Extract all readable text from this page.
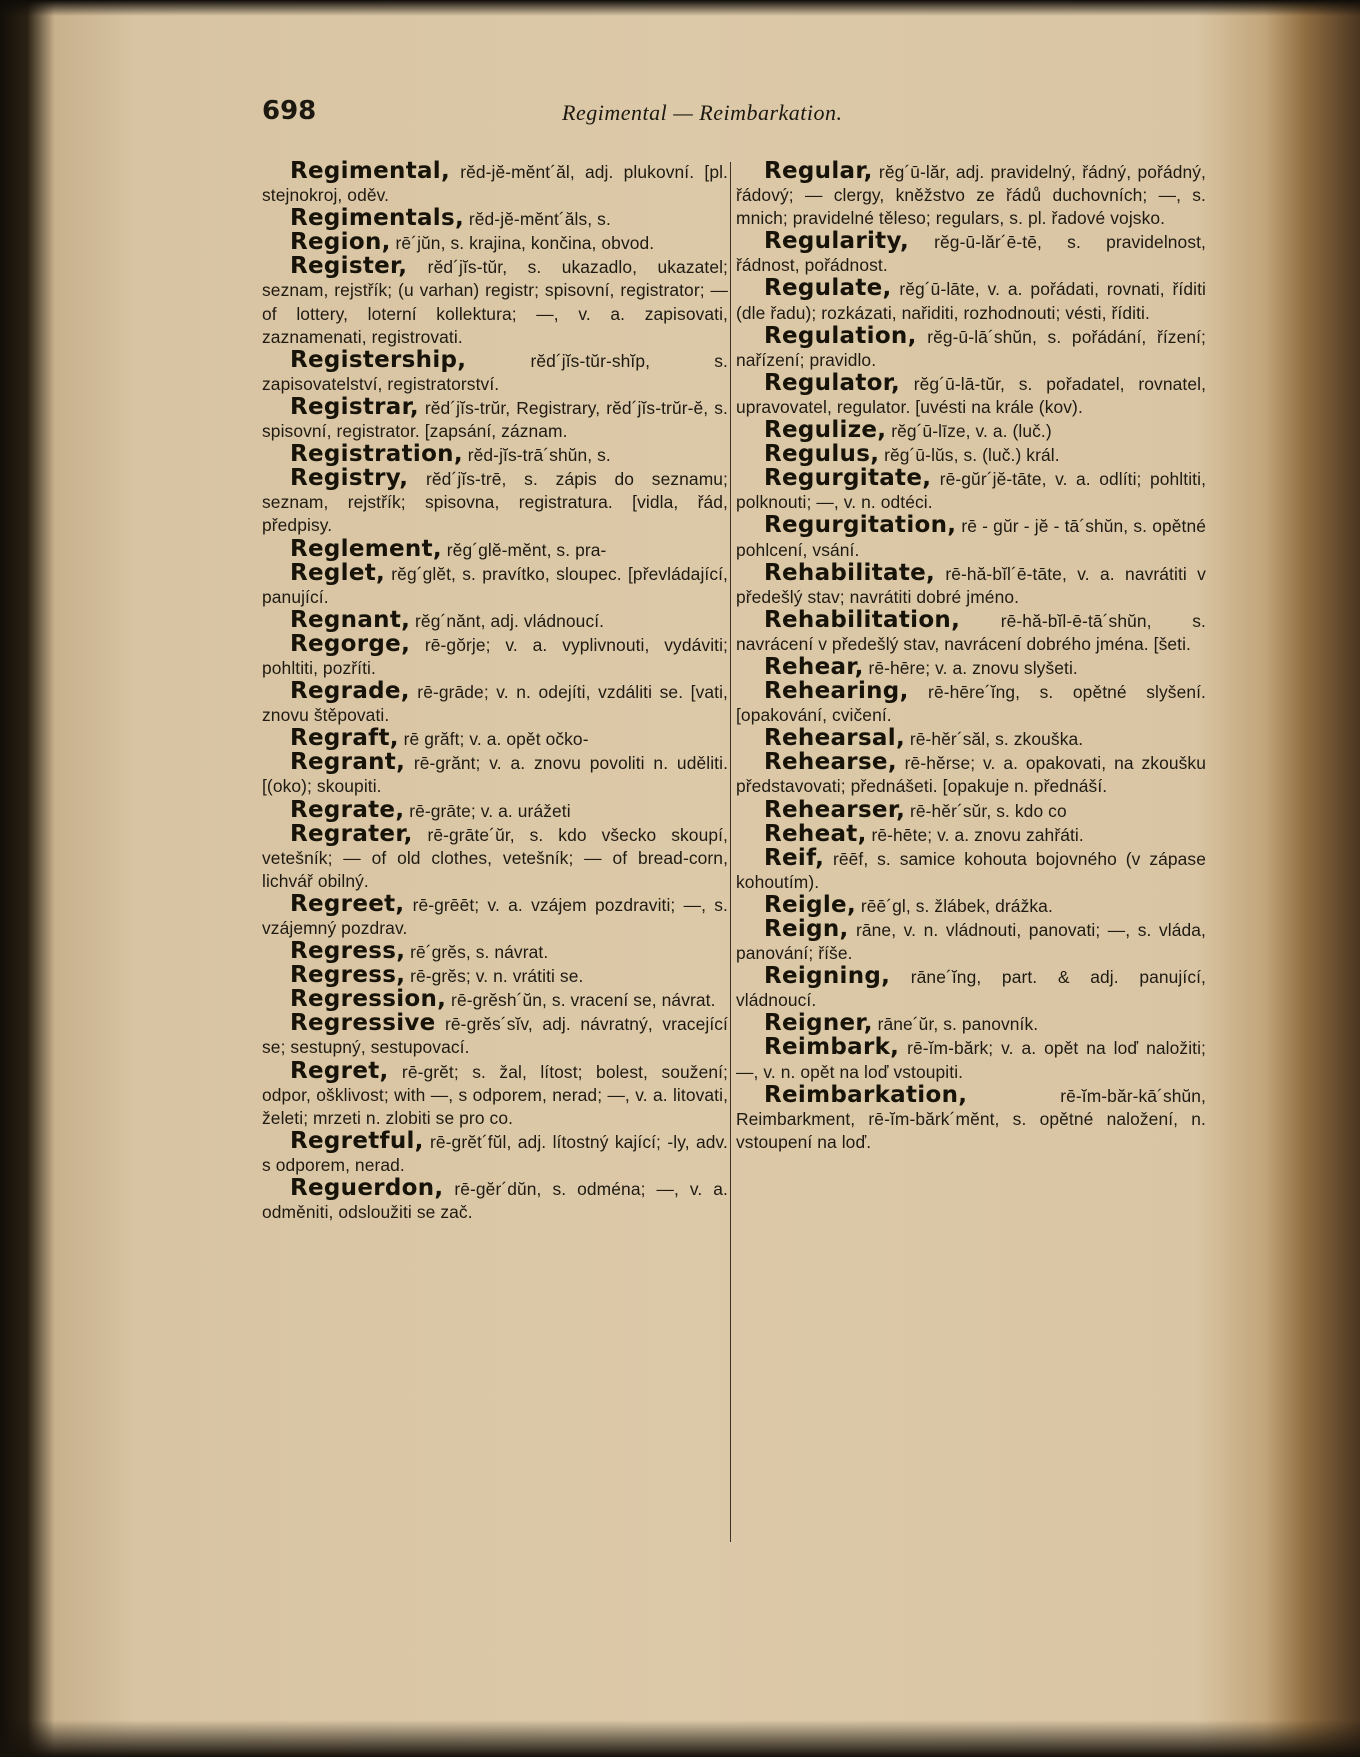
698	Regimental — Reimbarkation.

Regimental, rĕd-jĕ-mĕnt´ăl, adj. plukovní. [pl. stejnokroj, oděv.

Regimentals, rĕd-jĕ-mĕnt´ăls, s.

Region, rē´jŭn, s. krajina, končina, obvod.

Register, rĕd´jĭs-tŭr, s. ukazadlo, ukazatel; seznam, rejstřík; (u varhan) registr; spisovní, registrator; — of lottery, loterní kollektura; —, v. a. zapisovati, zaznamenati, registrovati.

Registership,	rĕd´jĭs-tŭr-shĭp, s. zapisovatelství, registratorství.

Registrar, rĕd´jĭs-trŭr, Registrary, rĕd´jĭs-trŭr-ĕ, s. spisovní, registrator. [zapsání, záznam.

Registration, rĕd-jĭs-trā´shŭn, s.

Registry, rĕd´jĭs-trē, s. zápis do seznamu; seznam, rejstřík; spisovna, registratura. [vidla, řád, předpisy.

Reglement, rĕg´glĕ-mĕnt, s. pra-

Reglet, rĕg´glĕt, s. pravítko, sloupec. [převládající, panující.

Regnant, rĕg´nănt, adj. vládnoucí.

Regorge, rē-gŏrje; v. a. vyplivnouti, vydáviti; pohltiti, pozříti.

Regrade, rē-grāde; v. n. odejíti, vzdáliti se. [vati, znovu štěpovati.

Regraft, rē grăft; v. a. opět očko-

Regrant, rē-grănt; v. a. znovu povoliti n. uděliti. [(oko); skoupiti.

Regrate, rē-grāte; v. a. urážeti

Regrater, rē-grāte´ŭr, s. kdo všecko skoupí, vetešník; — of old clothes, vetešník; — of bread-corn, lichvář obilný.

Regreet, rē-grēēt; v. a. vzájem pozdraviti; —, s. vzájemný pozdrav.

Regress, rē´grĕs, s. návrat.

Regress, rē-grĕs; v. n. vrátiti se.

Regression, rē-grĕsh´ŭn, s. vracení se, návrat.

Regressive rē-grĕs´sĭv, adj. návratný, vracející se; sestupný, sestupovací.

Regret, rē-grĕt; s. žal, lítost; bolest, soužení; odpor, ošklivost; with —, s odporem, nerad; —, v. a. litovati, želeti; mrzeti n. zlobiti se pro co.

Regretful, rē-grĕt´fŭl, adj. lítostný kající; -ly, adv. s odporem, nerad.

Reguerdon, rē-gĕr´dŭn, s. odména; —, v. a. odměniti, odsloužiti se zač.

Regular, rĕg´ū-lăr, adj. pravidelný, řádný, pořádný, řádový; — clergy, kněžstvo ze řádů duchovních; —, s. mnich; pravidelné těleso; regulars, s. pl. řadové vojsko.

Regularity, rĕg-ū-lăr´ē-tē, s. pravidelnost, řádnost, pořádnost.

Regulate, rĕg´ū-lāte, v. a. pořádati, rovnati, říditi (dle řadu); rozkázati, nařiditi, rozhodnouti; vésti, říditi.

Regulation, rĕg-ū-lā´shŭn, s. pořádání, řízení; nařízení; pravidlo.

Regulator, rĕg´ū-lā-tŭr, s. pořadatel, rovnatel, upravovatel, regulator. [uvésti na krále (kov).

Regulize, rĕg´ū-līze, v. a. (luč.)

Regulus, rĕg´ū-lŭs, s. (luč.) král.

Regurgitate, rē-gŭr´jĕ-tāte, v. a. odlíti; pohltiti, polknouti; —, v. n. odtéci.

Regurgitation, rē - gŭr - jĕ - tā´shŭn, s. opětné pohlcení, vsání.

Rehabilitate, rē-hă-bĭl´ē-tāte, v. a. navrátiti v předešlý stav; navrátiti dobré jméno.

Rehabilitation, rē-hă-bĭl-ē-tā´shŭn, s. navrácení v předešlý stav, navrácení dobrého jména. [šeti.

Rehear, rē-hēre; v. a. znovu slyšeti.

Rehearing, rē-hēre´ĭng, s. opětné slyšení. [opakování, cvičení.

Rehearsal, rē-hĕr´săl, s. zkouška.

Rehearse, rē-hĕrse; v. a. opakovati, na zkoušku představovati; přednášeti. [opakuje n. přednáší.

Rehearser, rē-hĕr´sŭr, s. kdo co

Reheat, rē-hēte; v. a. znovu zahřáti.

Reif, rēēf, s. samice kohouta bojovného (v zápase kohoutím).

Reigle, rēē´gl, s. žlábek, drážka.

Reign, rāne, v. n. vládnouti, panovati; —, s. vláda, panování; říše.

Reigning, rāne´ĭng, part. & adj. panující, vládnoucí.

Reigner, rāne´ŭr, s. panovník.

Reimbark, rē-ĭm-bărk; v. a. opět na loď naložiti; —, v. n. opět na loď vstoupiti.

Reimbarkation,	rē-ĭm-băr-kā´shŭn, Reimbarkment, rē-ĭm-bărk´mĕnt, s. opětné naložení, n. vstoupení na loď.
